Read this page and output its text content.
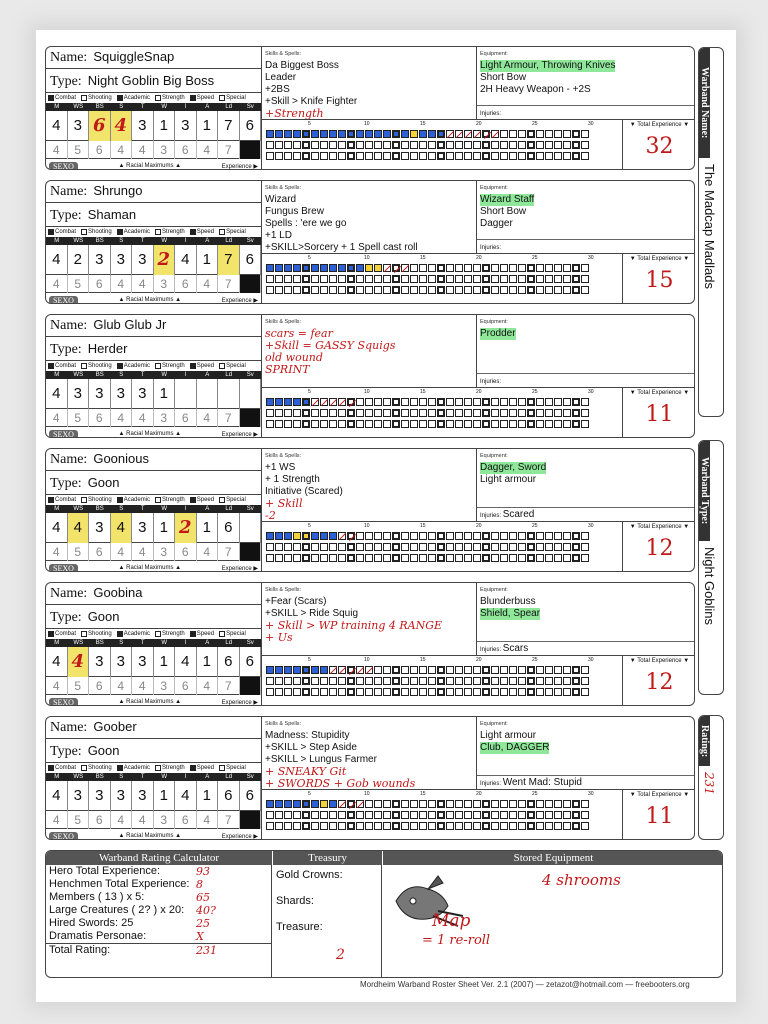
Name: SquiggleSnap
Type: Night Goblin Big Boss
Combat Shooting Academic Strength Speed Special
M	WS	BS	S	T	W	I	A	Ld	Sv
4 3 6 4 3 1 3 1 7 6
4	5	6	4	4	3	6	4	7
SEXO	▲ Racial Maximums ▲	Experience ▶
Skills & Spells:
Da Biggest Boss
Leader
+2BS
+Skill > Knife Fighter
+Strength
Equipment:
Light Armour, Throwing Knives
Short Bow
2H Heavy Weapon - +2S

Injuries:
5	10	15	20	25	30	▼ Total Experience ▼
32
Name: Shrungo
Type: Shaman
Combat Shooting Academic Strength Speed Special
M	WS	BS	S	T	W	I	A	Ld	Sv
4 2 3 3 3 2 4 1 7 6
4	5	6	4	4	3	6	4	7
SEXO	▲ Racial Maximums ▲	Experience ▶
Skills & Spells:
Wizard
Fungus Brew
Spells : 'ere we go
+1 LD
+SKILL>Sorcery + 1 Spell cast roll
Equipment:
Wizard Staff
Short Bow
Dagger

Injuries:
5	10	15	20	25	30	▼ Total Experience ▼
15
Name: Glub Glub Jr
Type: Herder
Combat Shooting Academic Strength Speed Special
M	WS	BS	S	T	W	I	A	Ld	Sv
4 3 3 3 3 1
4	5	6	4	4	3	6	4	7
SEXO	▲ Racial Maximums ▲	Experience ▶
Skills & Spells:
scars = fear
+Skill = GASSY Squigs
old wound
SPRINT
Equipment:
Prodder

Injuries:
5	10	15	20	25	30	▼ Total Experience ▼
11
Name: Goonious
Type: Goon
Combat Shooting Academic Strength Speed Special
M	WS	BS	S	T	W	I	A	Ld	Sv
4 4 3 4 3 1 2 1 6
4	5	6	4	4	3	6	4	7
SEXO	▲ Racial Maximums ▲	Experience ▶
Skills & Spells:
+1 WS
+ 1 Strength
Initiative (Scared)
+ Skill
-2
Equipment:
Dagger, Sword
Light armour

Injuries: Scared
5	10	15	20	25	30	▼ Total Experience ▼
12
Name: Goobina
Type: Goon
Combat Shooting Academic Strength Speed Special
M	WS	BS	S	T	W	I	A	Ld	Sv
4 4 3 3 3 1 4 1 6 6
4	5	6	4	4	3	6	4	7
SEXO	▲ Racial Maximums ▲	Experience ▶
Skills & Spells:
+Fear (Scars)
+SKILL > Ride Squig
+ Skill > WP training 4 RANGE
+ Us
Equipment:
Blunderbuss
Shield, Spear

Injuries: Scars
5	10	15	20	25	30	▼ Total Experience ▼
12
Name: Goober
Type: Goon
Combat Shooting Academic Strength Speed Special
M	WS	BS	S	T	W	I	A	Ld	Sv
4 3 3 3 3 1 4 1 6 6
4	5	6	4	4	3	6	4	7
SEXO	▲ Racial Maximums ▲	Experience ▶
Skills & Spells:
Madness: Stupidity
+SKILL > Step Aside
+SKILL > Lungus Farmer
+ SNEAKY Git
+ SWORDS + Gob wounds
Equipment:
Light armour
Club, DAGGER

Injuries: Went Mad: Stupid
5	10	15	20	25	30	▼ Total Experience ▼
11
Warband Name:
The Madcap Madlads
Warband Type:
Night Goblins
Rating:
231
Warband Rating Calculator	Treasury	Stored Equipment
Hero Total Experience:	93
Henchmen Total Experience: 8
Members ( 13 ) x 5:	65
Large Creatures ( 2? ) x 20: 40?
Hired Swords: 25	25
Dramatis Personae:	X
Total Rating:	231
Gold Crowns:
Shards:
Treasure:
2
4 shrooms
Map
= 1 re-roll
Mordheim Warband Roster Sheet Ver. 2.1 (2007) — zetazot@hotmail.com — freebooters.org
